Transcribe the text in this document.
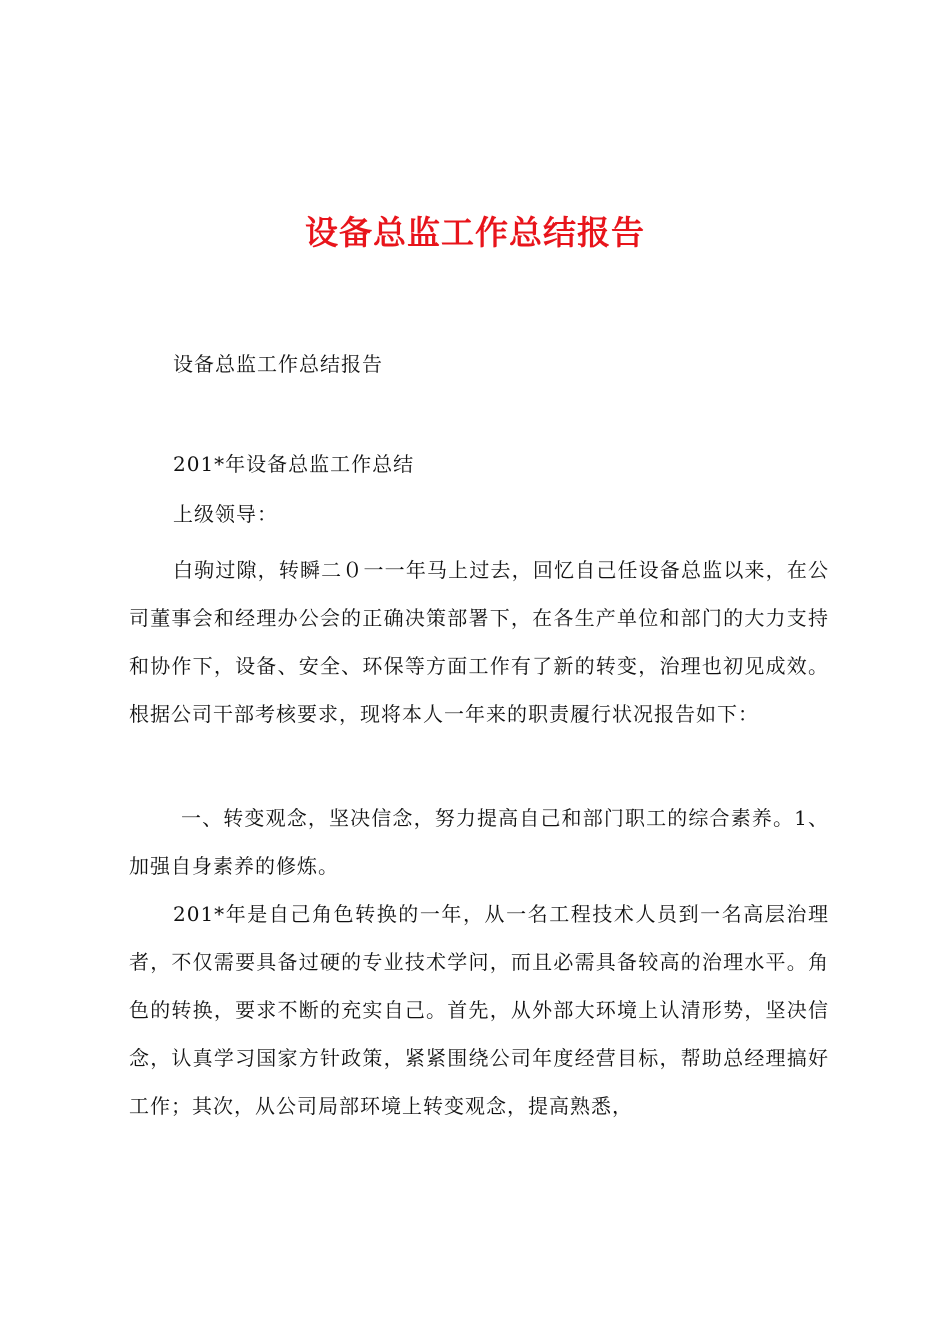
设备总监工作总结报告
设备总监工作总结报告
201*年设备总监工作总结
上级领导：

白驹过隙，转瞬二０一一年马上过去，回忆自己任设备总监以来，在公司董事会和经理办公会的正确决策部署下，在各生产单位和部门的大力支持和协作下，设备、安全、环保等方面工作有了新的转变，治理也初见成效。根据公司干部考核要求，现将本人一年来的职责履行状况报告如下：

一、转变观念，坚决信念，努力提高自己和部门职工的综合素养。1、加强自身素养的修炼。

201*年是自己角色转换的一年，从一名工程技术人员到一名高层治理者，不仅需要具备过硬的专业技术学问，而且必需具备较高的治理水平。角色的转换，要求不断的充实自己。首先，从外部大环境上认清形势，坚决信念，认真学习国家方针政策，紧紧围绕公司年度经营目标，帮助总经理搞好工作；其次，从公司局部环境上转变观念，提高熟悉，
